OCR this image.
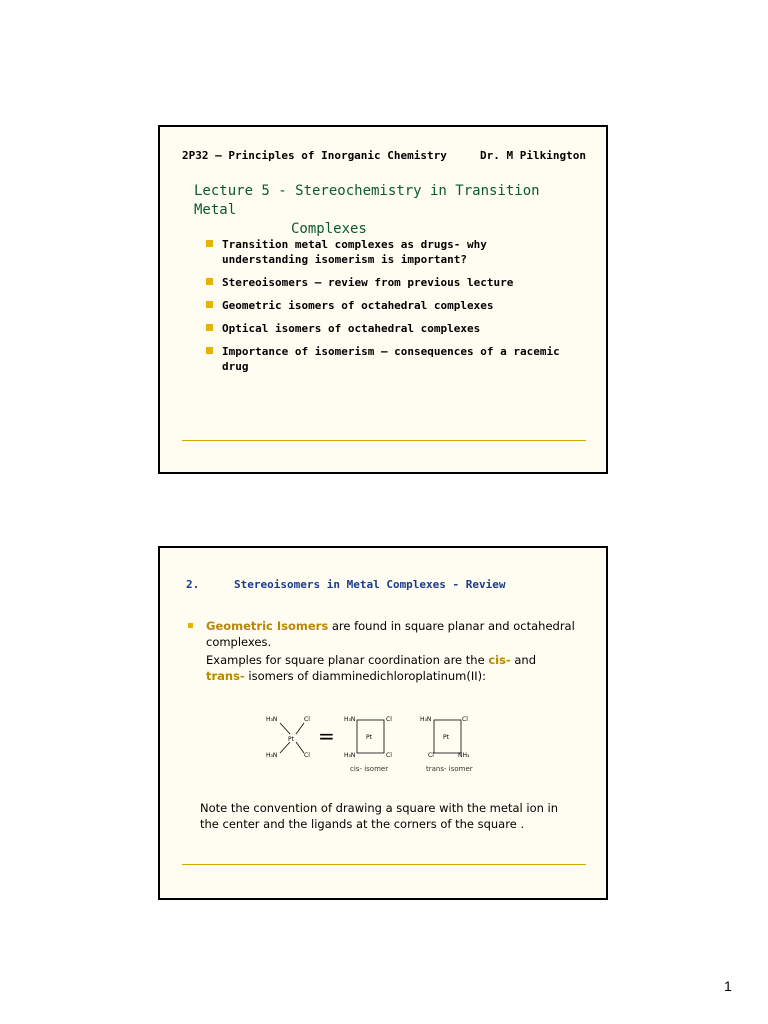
2P32 – Principles of Inorganic Chemistry	Dr. M Pilkington
Lecture 5 - Stereochemistry in Transition Metal
Complexes
Transition metal complexes as drugs- why understanding isomerism is important?
Stereoisomers – review from previous lecture
Geometric isomers of octahedral complexes
Optical isomers of octahedral complexes
Importance of isomerism – consequences of a racemic drug
2.	Stereoisomers in Metal Complexes - Review
Geometric Isomers are found in square planar and octahedral complexes.
Examples for square planar coordination are the cis- and trans- isomers of diamminedichloroplatinum(II):
H₃N	Cl
H₃N	Cl
Pt =
H₃N	Cl
H₃N	Cl
Pt
cis- isomer
H₃N	Cl
Cl	NH₃
Pt
trans- isomer
Note the convention of drawing a square with the metal ion in the center and the ligands at the corners of the square .
1
